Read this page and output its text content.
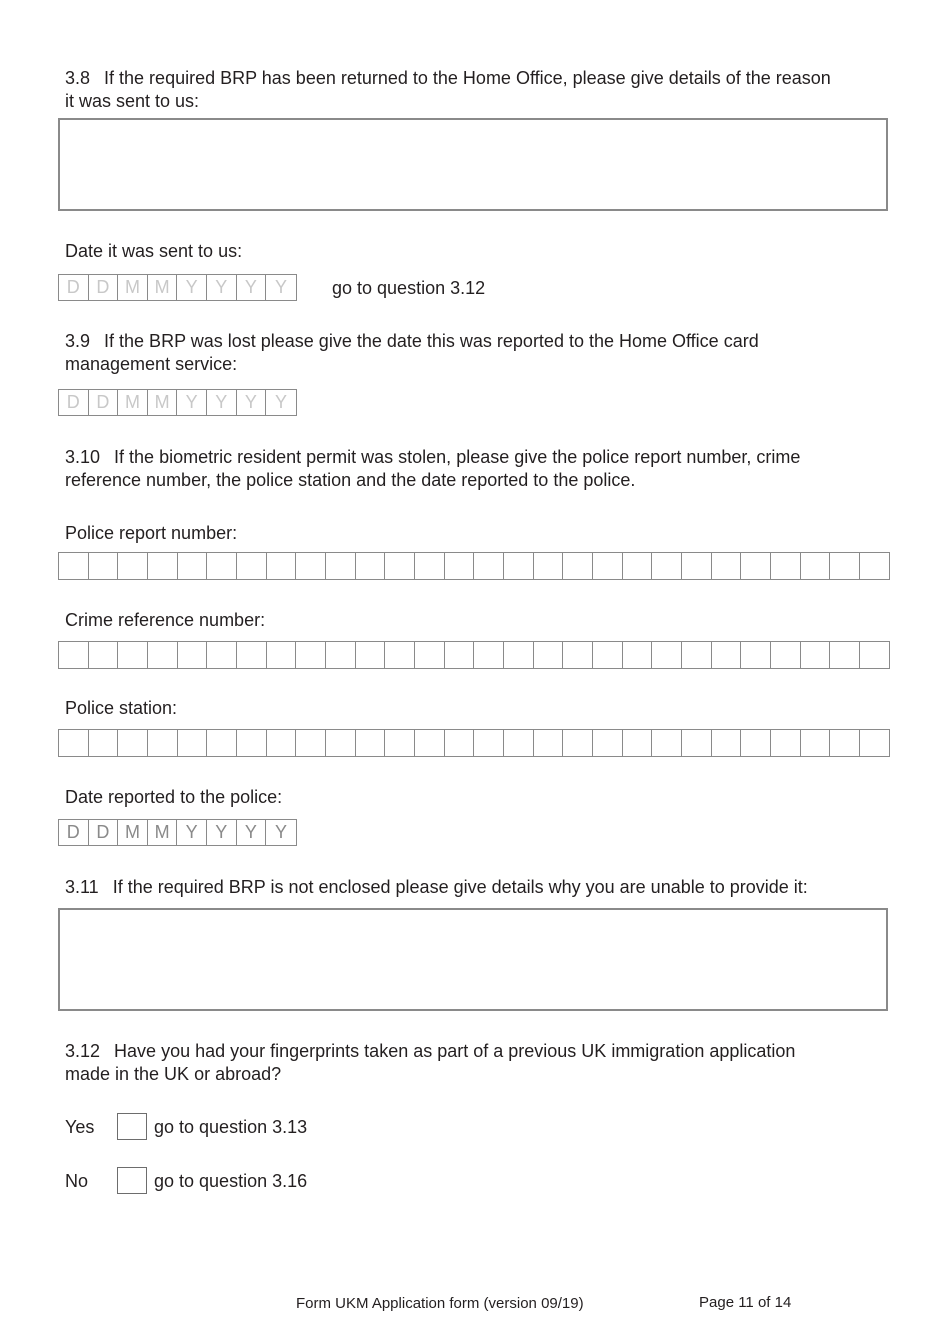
3.8 If the required BRP has been returned to the Home Office, please give details of the reason
it was sent to us:
Date it was sent to us:
D D M M Y Y Y	Y	go to question 3.12
3.9 If the BRP was lost please give the date this was reported to the Home Office card
management service:
D D M M Y Y Y	Y
3.10 If the biometric resident permit was stolen, please give the police report number, crime
reference number, the police station and the date reported to the police.
Police report number:
Crime reference number:
Police station:
Date reported to the police:
D D M M Y Y Y	Y
3.11 If the required BRP is not enclosed please give details why you are unable to provide it:
3.12 Have you had your fingerprints taken as part of a previous UK immigration application
made in the UK or abroad?
Yes	go to question 3.13
No	go to question 3.16
Form UKM Application form (version 09/19)	Page 11 of 14
